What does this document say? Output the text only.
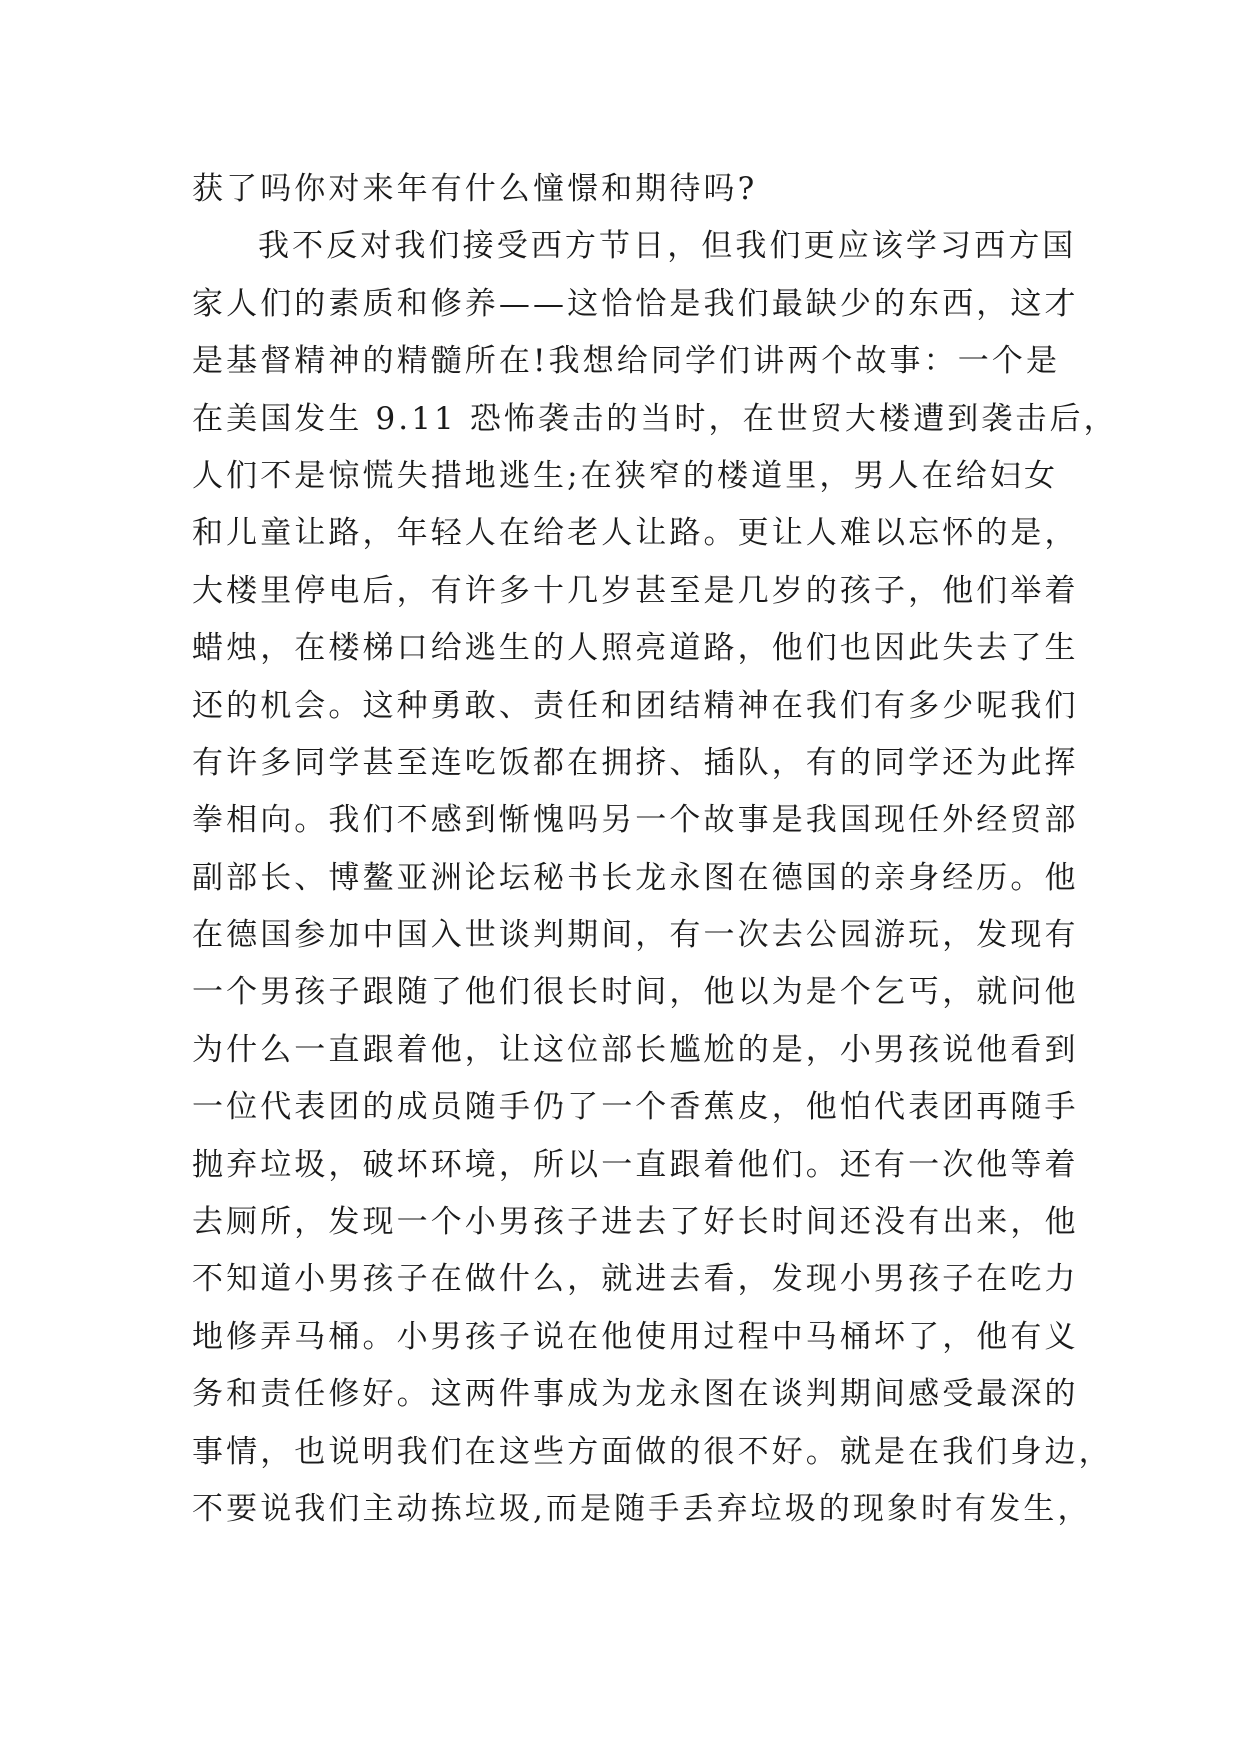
获了吗你对来年有什么憧憬和期待吗?
我不反对我们接受西方节日，但我们更应该学习西方国
家人们的素质和修养——这恰恰是我们最缺少的东西，这才
是基督精神的精髓所在!我想给同学们讲两个故事：一个是
在美国发生 9.11 恐怖袭击的当时，在世贸大楼遭到袭击后，
人们不是惊慌失措地逃生;在狭窄的楼道里，男人在给妇女
和儿童让路，年轻人在给老人让路。更让人难以忘怀的是，
大楼里停电后，有许多十几岁甚至是几岁的孩子，他们举着
蜡烛，在楼梯口给逃生的人照亮道路，他们也因此失去了生
还的机会。这种勇敢、责任和团结精神在我们有多少呢我们
有许多同学甚至连吃饭都在拥挤、插队，有的同学还为此挥
拳相向。我们不感到惭愧吗另一个故事是我国现任外经贸部
副部长、博鳌亚洲论坛秘书长龙永图在德国的亲身经历。他
在德国参加中国入世谈判期间，有一次去公园游玩，发现有
一个男孩子跟随了他们很长时间，他以为是个乞丐，就问他
为什么一直跟着他，让这位部长尴尬的是，小男孩说他看到
一位代表团的成员随手仍了一个香蕉皮，他怕代表团再随手
抛弃垃圾，破坏环境，所以一直跟着他们。还有一次他等着
去厕所，发现一个小男孩子进去了好长时间还没有出来，他
不知道小男孩子在做什么，就进去看，发现小男孩子在吃力
地修弄马桶。小男孩子说在他使用过程中马桶坏了，他有义
务和责任修好。这两件事成为龙永图在谈判期间感受最深的
事情，也说明我们在这些方面做的很不好。就是在我们身边，
不要说我们主动拣垃圾,而是随手丢弃垃圾的现象时有发生，
